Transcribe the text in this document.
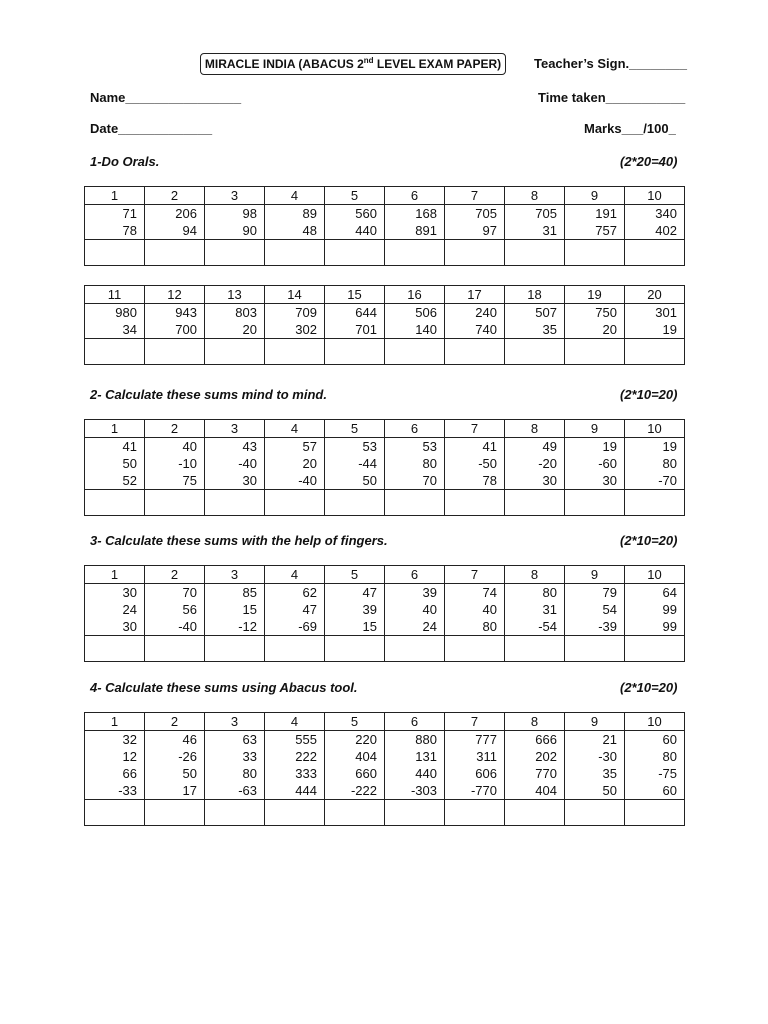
MIRACLE INDIA (ABACUS 2nd LEVEL EXAM PAPER)	Teacher’s Sign.________
Name________________	Time taken___________
Date_____________	Marks___/100_
1-Do Orals.	(2*20=40)
2- Calculate these sums mind to mind.	(2*10=20)
3- Calculate these sums with the help of fingers.	(2*10=20)
4- Calculate these sums using Abacus tool.	(2*10=20)
1	2	3	4	5	6	7	8	9	10
71	206	98	89	560	168	705	705	191	340
78	94	90	48	440	891	97	31	757	402

11	12	13	14	15	16	17	18	19	20
980	943	803	709	644	506	240	507	750	301
34	700	20	302	701	140	740	35	20	19

1	2	3	4	5	6	7	8	9	10
41	40	43	57	53	53	41	49	19	19
50	-10	-40	20	-44	80	-50	-20	-60	80
52	75	30	-40	50	70	78	30	30	-70

1	2	3	4	5	6	7	8	9	10
30	70	85	62	47	39	74	80	79	64
24	56	15	47	39	40	40	31	54	99
30	-40	-12	-69	15	24	80	-54	-39	99

1	2	3	4	5	6	7	8	9	10
32	46	63	555	220	880	777	666	21	60
12	-26	33	222	404	131	311	202	-30	80
66	50	80	333	660	440	606	770	35	-75
-33	17	-63	444	-222	-303	-770	404	50	60
